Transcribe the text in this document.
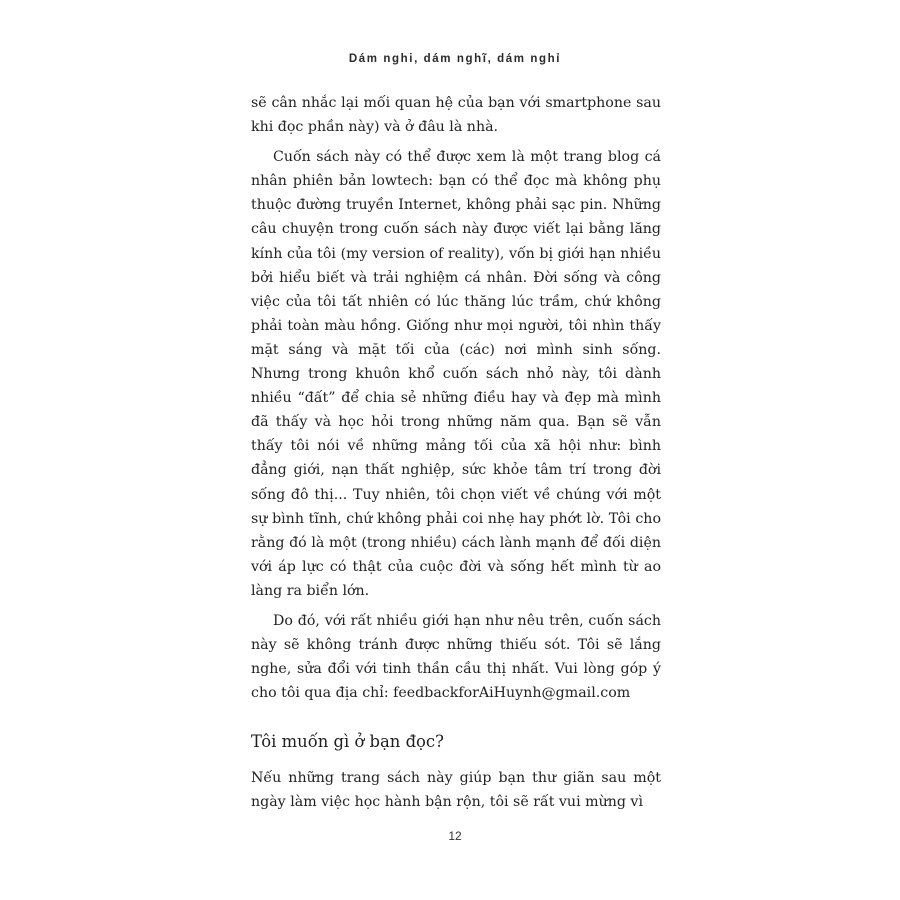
Dám nghi, dám nghĩ, dám nghỉ

sẽ cân nhắc lại mối quan hệ của bạn với smartphone sau khi đọc phần này) và ở đâu là nhà.

Cuốn sách này có thể được xem là một trang blog cá nhân phiên bản lowtech: bạn có thể đọc mà không phụ thuộc đường truyền Internet, không phải sạc pin. Những câu chuyện trong cuốn sách này được viết lại bằng lăng kính của tôi (my version of reality), vốn bị giới hạn nhiều bởi hiểu biết và trải nghiệm cá nhân. Đời sống và công việc của tôi tất nhiên có lúc thăng lúc trầm, chứ không phải toàn màu hồng. Giống như mọi người, tôi nhìn thấy mặt sáng và mặt tối của (các) nơi mình sinh sống. Nhưng trong khuôn khổ cuốn sách nhỏ này, tôi dành nhiều “đất” để chia sẻ những điều hay và đẹp mà mình đã thấy và học hỏi trong những năm qua. Bạn sẽ vẫn thấy tôi nói về những mảng tối của xã hội như: bình đẳng giới, nạn thất nghiệp, sức khỏe tâm trí trong đời sống đô thị... Tuy nhiên, tôi chọn viết về chúng với một sự bình tĩnh, chứ không phải coi nhẹ hay phớt lờ. Tôi cho rằng đó là một (trong nhiều) cách lành mạnh để đối diện với áp lực có thật của cuộc đời và sống hết mình từ ao làng ra biển lớn.

Do đó, với rất nhiều giới hạn như nêu trên, cuốn sách này sẽ không tránh được những thiếu sót. Tôi sẽ lắng nghe, sửa đổi với tinh thần cầu thị nhất. Vui lòng góp ý cho tôi qua địa chỉ: feedbackforAiHuynh@gmail.com

Tôi muốn gì ở bạn đọc?

Nếu những trang sách này giúp bạn thư giãn sau một ngày làm việc học hành bận rộn, tôi sẽ rất vui mừng vì

12
